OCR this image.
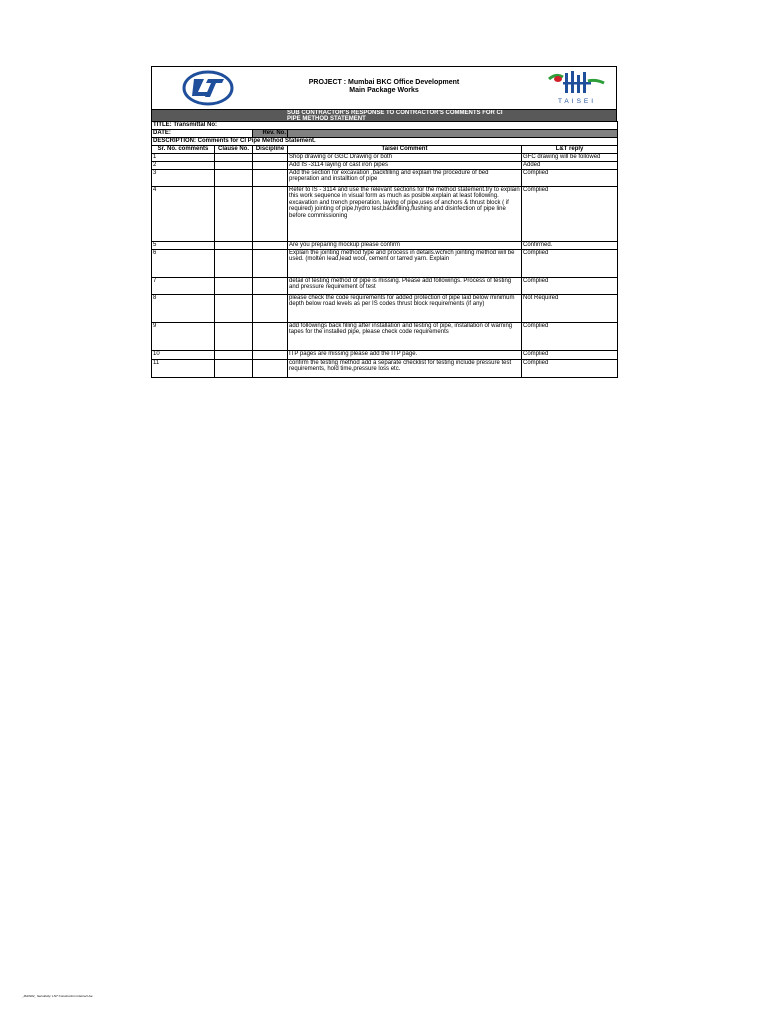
PROJECT : Mumbai BKC Office Development
Main Package Works
TAISEI
SUB CONTRACTOR'S RESPONSE TO CONTRACTOR'S COMMENTS FOR CI
PIPE METHOD STATEMENT
TITLE: Transmittal No:				
DATE:		Rev. No.		
DESCRIPTION: Comments for CI Pipe Method Statement.				
Sr. No. comments	Clause No.	Discipline	Taisei Comment	L&T reply
1			Shop drawing or GGC Drawing or both	GFC drawing will be followed
2			Add IS -3114 laying of cast iron pipes	Added
3			Add the section for excavation ,backfilling and explain the procedure of bed preperation and installtion of pipe	Complied
4			Refer to IS - 3114 and use the relevant sections for the method statement.try to explain this work sequence in visual form as much as posible.explain at least following. excavation and trench preperation, laying of pipe,uses of anchors & thrust block ( if required) jointing of pipe,hydro test,backfilling,flushing and disinfection of pipe line before commissioning	Complied
5			Are you preparing mockup please confirm	Confirmed.
6			Explain the jointing method type and process in details.wchich jointing method will be used. (molten lead,lead wool, cement or tarred yarn. Explain	Complied
7			detail of testing method of pipe is missing. Please add followings. Process of testing and pressure requirement of test	Complied
8			please check the code requirements for added protection of pipe laid below minimum depth below road levels as per IS codes thrust block requirements (if any)	Not Required
9			add followings back filling after installation and testing of pipe, installation of warning tapes for the installed pipe, please check code requirements	Complied
10			ITP pages are missing please add the ITP page.	Complied
11			confirm the testing method add a separate checklist for testing include pressure test requirements, hold time,pressure loss etc.	Complied
_MAIN02_ Sensitivity: LNT Construction Internal Use
